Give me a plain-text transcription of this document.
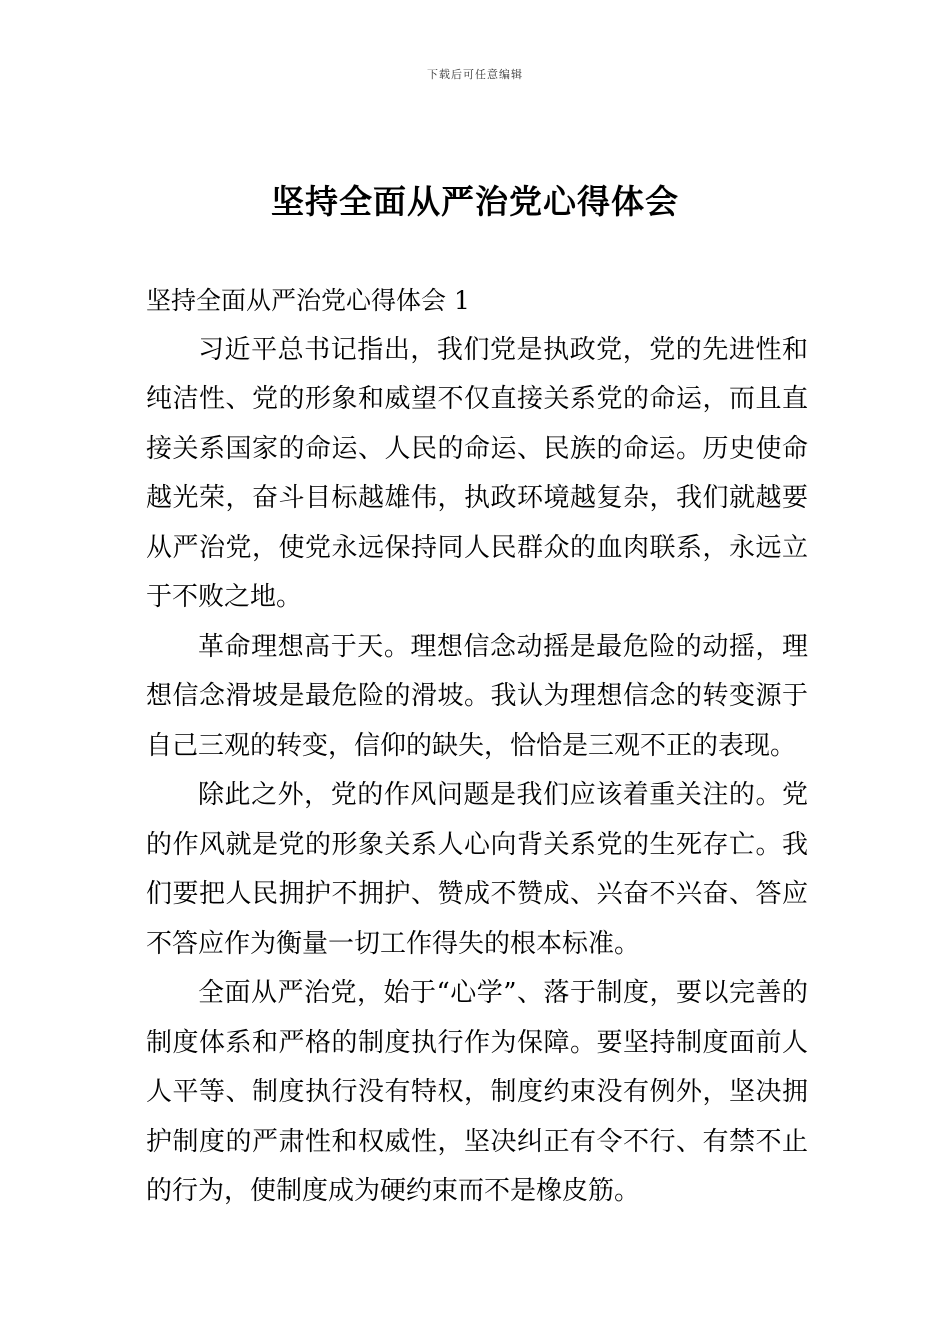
下载后可任意编辑
坚持全面从严治党心得体会

坚持全面从严治党心得体会 1

习近平总书记指出，我们党是执政党，党的先进性和纯洁性、党的形象和威望不仅直接关系党的命运，而且直接关系国家的命运、人民的命运、民族的命运。历史使命越光荣，奋斗目标越雄伟，执政环境越复杂，我们就越要从严治党，使党永远保持同人民群众的血肉联系，永远立于不败之地。

革命理想高于天。理想信念动摇是最危险的动摇，理想信念滑坡是最危险的滑坡。我认为理想信念的转变源于自己三观的转变，信仰的缺失，恰恰是三观不正的表现。

除此之外，党的作风问题是我们应该着重关注的。党的作风就是党的形象关系人心向背关系党的生死存亡。我们要把人民拥护不拥护、赞成不赞成、兴奋不兴奋、答应不答应作为衡量一切工作得失的根本标准。

全面从严治党，始于“心学”、落于制度，要以完善的制度体系和严格的制度执行作为保障。要坚持制度面前人人平等、制度执行没有特权，制度约束没有例外，坚决拥护制度的严肃性和权威性，坚决纠正有令不行、有禁不止的行为，使制度成为硬约束而不是橡皮筋。
